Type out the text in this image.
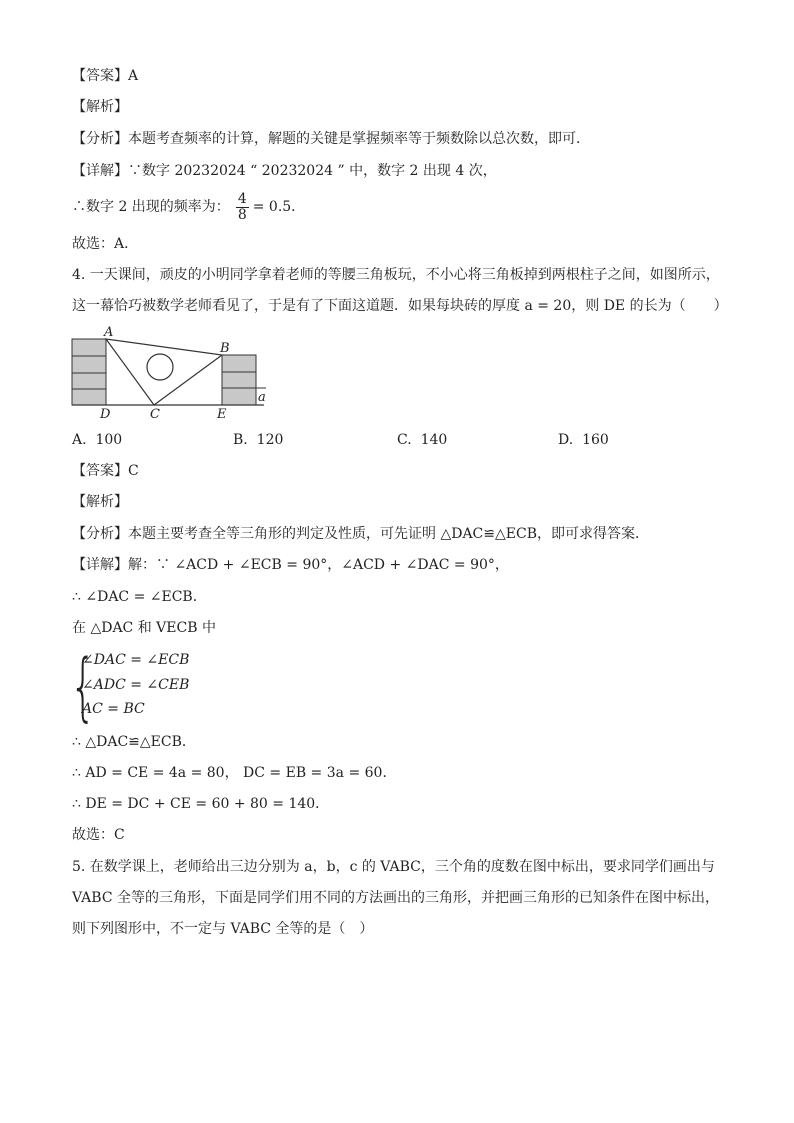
【答案】A
【解析】
【分析】本题考查频率的计算，解题的关键是掌握频率等于频数除以总次数，即可．
【详解】∵数字 20232024 “ 20232024 ” 中，数字 2 出现 4 次，
∴数字 2 出现的频率为： $\frac{4}{8} = 0.5$．
故选：A．
4. 一天课间，顽皮的小明同学拿着老师的等腰三角板玩，不小心将三角板掉到两根柱子之间，如图所示，
这一幕恰巧被数学老师看见了，于是有了下面这道题．如果每块砖的厚度 a = 20，则 DE 的长为（　　）
A
B
C
D	E
a
A. 100	B. 120	C. 140	D. 160
【答案】C
【解析】
【分析】本题主要考查全等三角形的判定及性质，可先证明 △DAC≌△ECB，即可求得答案．
【详解】解：∵ ∠ACD + ∠ECB = 90°，∠ACD + ∠DAC = 90°，
∴ ∠DAC = ∠ECB．
在 △DAC 和 VECB 中
{
∠DAC = ∠ECB
∠ADC = ∠CEB
AC = BC
∴ △DAC≌△ECB．
∴ AD = CE = 4a = 80， DC = EB = 3a = 60．
∴ DE = DC + CE = 60 + 80 = 140．
故选：C
5. 在数学课上，老师给出三边分别为 a，b，c 的 VABC，三个角的度数在图中标出，要求同学们画出与
VABC 全等的三角形，下面是同学们用不同的方法画出的三角形，并把画三角形的已知条件在图中标出，
则下列图形中，不一定与 VABC 全等的是（　）
